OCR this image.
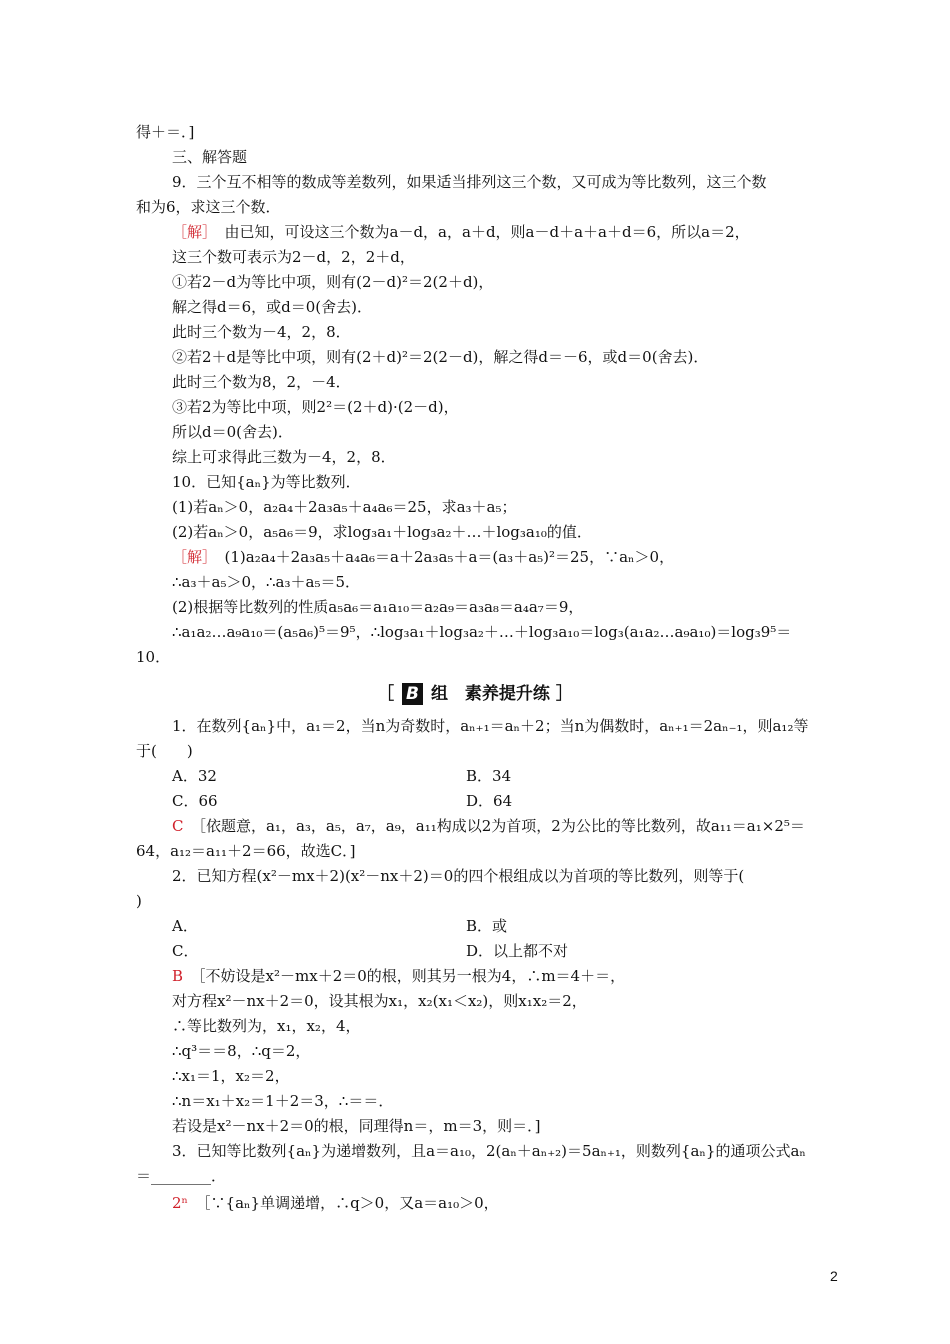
得＋＝．]
三、解答题
9．三个互不相等的数成等差数列，如果适当排列这三个数，又可成为等比数列，这三个数
和为6，求这三个数．
［解］　由已知，可设这三个数为a－d，a，a＋d，则a－d＋a＋a＋d＝6，所以a＝2，
这三个数可表示为2－d，2，2＋d，
①若2－d为等比中项，则有(2－d)²＝2(2＋d)，
解之得d＝6，或d＝0(舍去)．
此时三个数为－4，2，8．
②若2＋d是等比中项，则有(2＋d)²＝2(2－d)，解之得d＝－6，或d＝0(舍去)．
此时三个数为8，2，－4．
③若2为等比中项，则2²＝(2＋d)·(2－d)，
所以d＝0(舍去)．
综上可求得此三数为－4，2，8．
10．已知{aₙ}为等比数列．
(1)若aₙ＞0，a₂a₄＋2a₃a₅＋a₄a₆＝25，求a₃＋a₅；
(2)若aₙ＞0，a₅a₆＝9，求log₃a₁＋log₃a₂＋…＋log₃a₁₀的值．
［解］　(1)a₂a₄＋2a₃a₅＋a₄a₆＝a＋2a₃a₅＋a＝(a₃＋a₅)²＝25，∵aₙ＞0，
∴a₃＋a₅＞0，∴a₃＋a₅＝5．
(2)根据等比数列的性质a₅a₆＝a₁a₁₀＝a₂a₉＝a₃a₈＝a₄a₇＝9，
∴a₁a₂…a₉a₁₀＝(a₅a₆)⁵＝9⁵，∴log₃a₁＋log₃a₂＋…＋log₃a₁₀＝log₃(a₁a₂…a₉a₁₀)＝log₃9⁵＝
10．
1．在数列{aₙ}中，a₁＝2，当n为奇数时，aₙ₊₁＝aₙ＋2；当n为偶数时，aₙ₊₁＝2aₙ₋₁，则a₁₂等
于(　　)
C　［依题意，a₁，a₃，a₅，a₇，a₉，a₁₁构成以2为首项，2为公比的等比数列，故a₁₁＝a₁×2⁵＝
64，a₁₂＝a₁₁＋2＝66，故选C．]
2．已知方程(x²－mx＋2)(x²－nx＋2)＝0的四个根组成以为首项的等比数列，则等于(
)
B　［不妨设是x²－mx＋2＝0的根，则其另一根为4，∴m＝4＋＝，
对方程x²－nx＋2＝0，设其根为x₁，x₂(x₁＜x₂)，则x₁x₂＝2，
∴等比数列为，x₁，x₂，4，
∴q³＝＝8，∴q＝2，
∴x₁＝1，x₂＝2，
∴n＝x₁＋x₂＝1＋2＝3，∴＝＝．
若设是x²－nx＋2＝0的根，同理得n＝，m＝3，则＝．]
3．已知等比数列{aₙ}为递增数列，且a＝a₁₀，2(aₙ＋aₙ₊₂)＝5aₙ₊₁，则数列{aₙ}的通项公式aₙ
＝________．
2ⁿ　［∵{aₙ}单调递增，∴q＞0，又a＝a₁₀＞0，
［ B 组　素养提升练 ］
A．32	B．34
C．66	D．64
A．	B．或
C．	D．以上都不对
2
